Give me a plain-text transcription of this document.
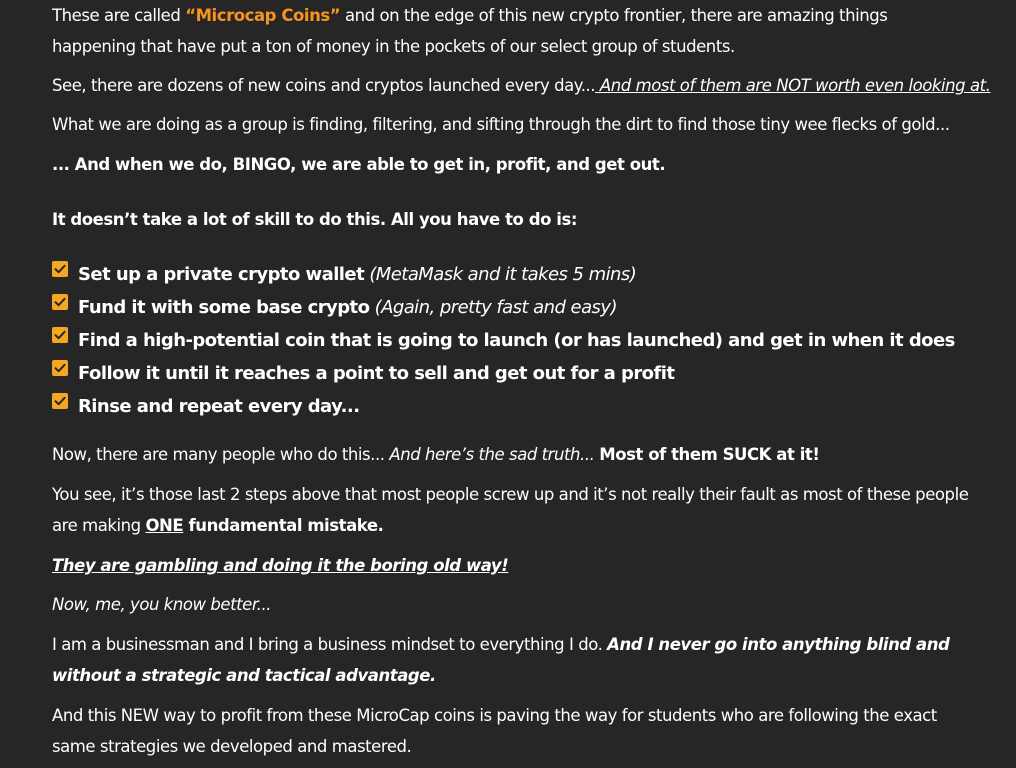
These are called “Microcap Coins” and on the edge of this new crypto frontier, there are amazing things happening that have put a ton of money in the pockets of our select group of students.

See, there are dozens of new coins and cryptos launched every day... And most of them are NOT worth even looking at.

What we are doing as a group is finding, filtering, and sifting through the dirt to find those tiny wee flecks of gold...

... And when we do, BINGO, we are able to get in, profit, and get out.

It doesn’t take a lot of skill to do this. All you have to do is:

Set up a private crypto wallet (MetaMask and it takes 5 mins)
Fund it with some base crypto (Again, pretty fast and easy)
Find a high-potential coin that is going to launch (or has launched) and get in when it does
Follow it until it reaches a point to sell and get out for a profit
Rinse and repeat every day...

Now, there are many people who do this... And here’s the sad truth... Most of them SUCK at it!

You see, it’s those last 2 steps above that most people screw up and it’s not really their fault as most of these people are making ONE fundamental mistake.

They are gambling and doing it the boring old way!

Now, me, you know better...

I am a businessman and I bring a business mindset to everything I do. And I never go into anything blind and without a strategic and tactical advantage.

And this NEW way to profit from these MicroCap coins is paving the way for students who are following the exact same strategies we developed and mastered.
